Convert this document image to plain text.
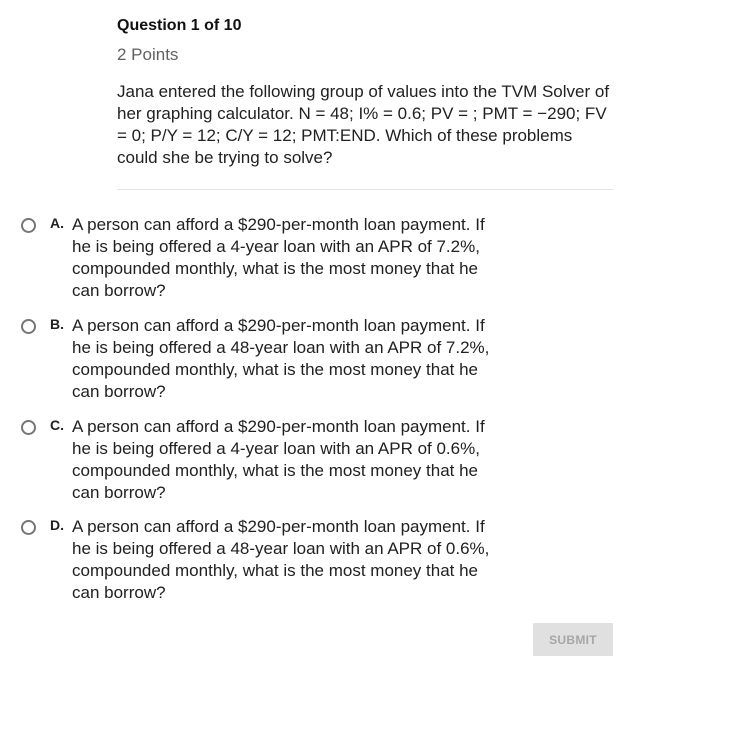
Question 1 of 10
2 Points

Jana entered the following group of values into the TVM Solver of her graphing calculator. N = 48; I% = 0.6; PV = ; PMT = −290; FV = 0; P/Y = 12; C/Y = 12; PMT:END. Which of these problems could she be trying to solve?

A. A person can afford a $290-per-month loan payment. If he is being offered a 4-year loan with an APR of 7.2%, compounded monthly, what is the most money that he can borrow?
B. A person can afford a $290-per-month loan payment. If he is being offered a 48-year loan with an APR of 7.2%, compounded monthly, what is the most money that he can borrow?
C. A person can afford a $290-per-month loan payment. If he is being offered a 4-year loan with an APR of 0.6%, compounded monthly, what is the most money that he can borrow?
D. A person can afford a $290-per-month loan payment. If he is being offered a 48-year loan with an APR of 0.6%, compounded monthly, what is the most money that he can borrow?
SUBMIT
